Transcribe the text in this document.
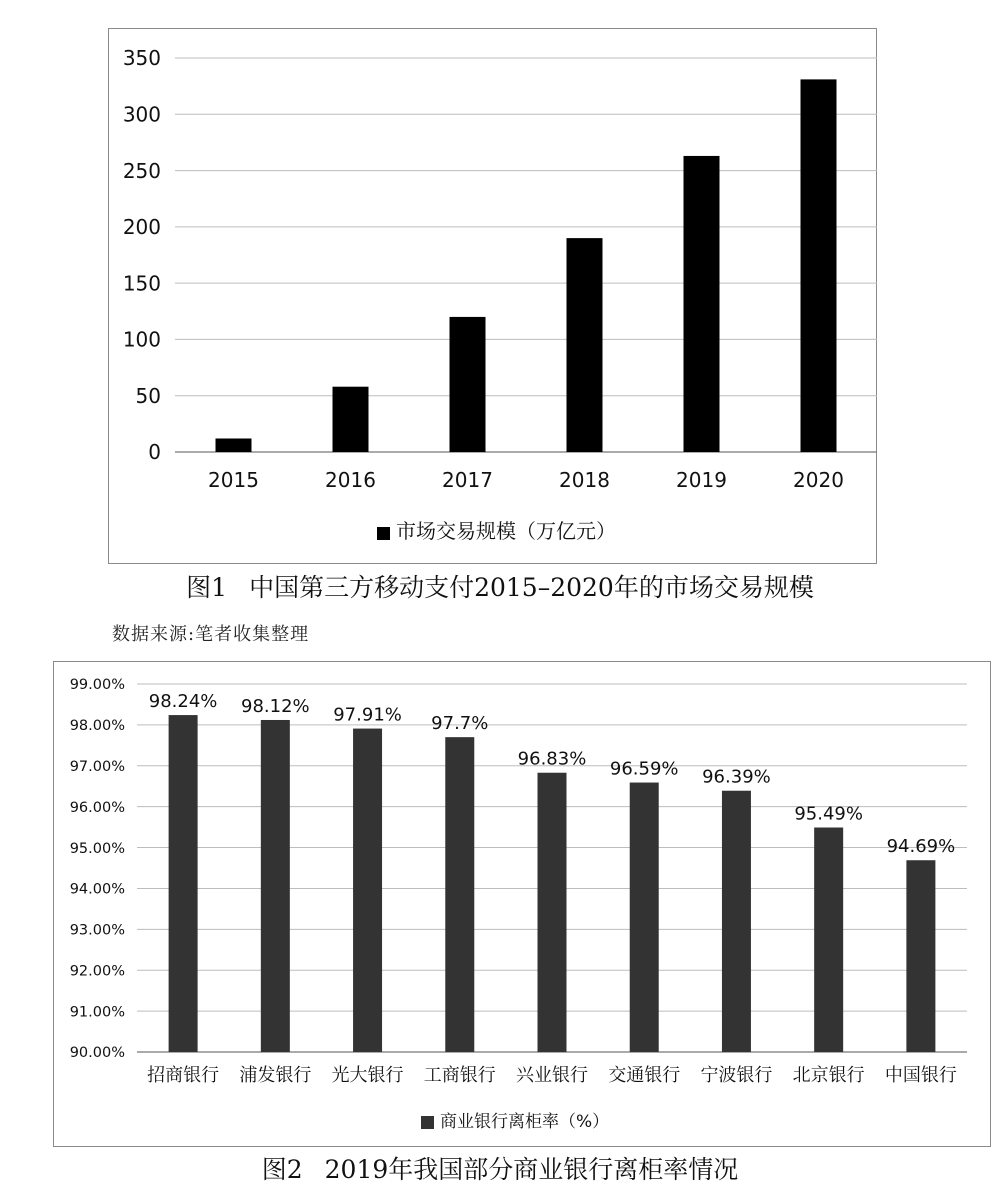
0
50
100
150
200
250
300
350
2015	2016	2017	2018	2019	2020
市场交易规模（万亿元）
图1 中国第三方移动支付2015–2020年的市场交易规模
数据来源:笔者收集整理
90.00%
91.00%
92.00%
93.00%
94.00%
95.00%
96.00%
97.00%
98.00%
99.00%
招商银行
98.24%
浦发银行
98.12%
光大银行
97.91%
工商银行
97.7%
兴业银行
96.83%
交通银行
96.59%
宁波银行
96.39%
北京银行
95.49%
中国银行
94.69%
商业银行离柜率（%）
图2 2019年我国部分商业银行离柜率情况
